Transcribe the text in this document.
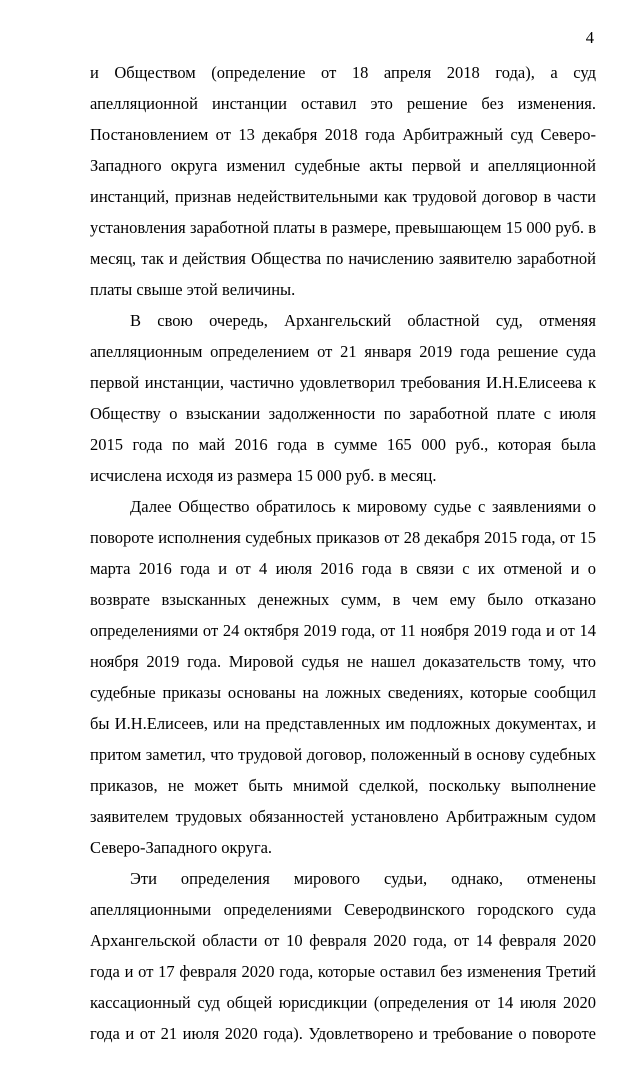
4

и Обществом (определение от 18 апреля 2018 года), а суд апелляционной инстанции оставил это решение без изменения. Постановлением от 13 декабря 2018 года Арбитражный суд Северо-Западного округа изменил судебные акты первой и апелляционной инстанций, признав недействительными как трудовой договор в части установления заработной платы в размере, превышающем 15 000 руб. в месяц, так и действия Общества по начислению заявителю заработной платы свыше этой величины.

В свою очередь, Архангельский областной суд, отменяя апелляционным определением от 21 января 2019 года решение суда первой инстанции, частично удовлетворил требования И.Н.Елисеева к Обществу о взыскании задолженности по заработной плате с июля 2015 года по май 2016 года в сумме 165 000 руб., которая была исчислена исходя из размера 15 000 руб. в месяц.

Далее Общество обратилось к мировому судье с заявлениями о повороте исполнения судебных приказов от 28 декабря 2015 года, от 15 марта 2016 года и от 4 июля 2016 года в связи с их отменой и о возврате взысканных денежных сумм, в чем ему было отказано определениями от 24 октября 2019 года, от 11 ноября 2019 года и от 14 ноября 2019 года. Мировой судья не нашел доказательств тому, что судебные приказы основаны на ложных сведениях, которые сообщил бы И.Н.Елисеев, или на представленных им подложных документах, и притом заметил, что трудовой договор, положенный в основу судебных приказов, не может быть мнимой сделкой, поскольку выполнение заявителем трудовых обязанностей установлено Арбитражным судом Северо-Западного округа.

Эти определения мирового судьи, однако, отменены апелляционными определениями Северодвинского городского суда Архангельской области от 10 февраля 2020 года, от 14 февраля 2020 года и от 17 февраля 2020 года, которые оставил без изменения Третий кассационный суд общей юрисдикции (определения от 14 июля 2020 года и от 21 июля 2020 года). Удовлетворено и требование о повороте
